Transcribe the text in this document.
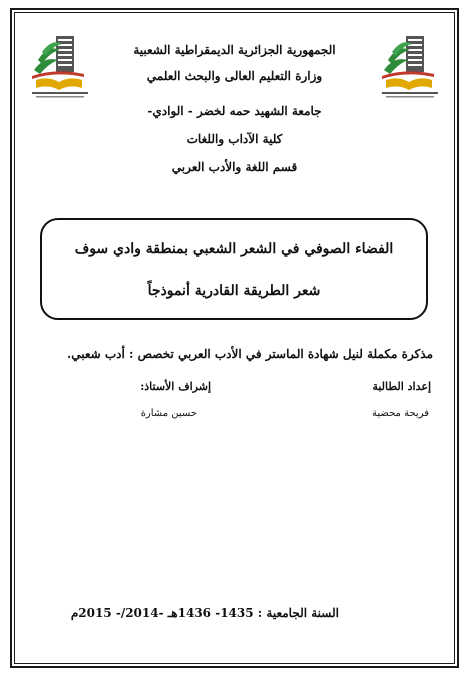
الجمهورية الجزائرية الديمقراطية الشعبية
وزارة التعليم العالى والبحث العلمي
جامعة الشهيد حمه لخضر - الوادي-
كلية الآداب واللغات
قسم اللغة والأدب العربي
الفضاء الصوفي في الشعر الشعبي بمنطقة وادي سوف
شعر الطريقة القادرية أنموذجاً
مذكرة مكملة لنيل شهادة الماستر في الأدب العربي تخصص : أدب شعبي.
إعداد الطالبة
إشراف الأستاذ:
فريحة محضية
حسين مشارة
السنة الجامعية : 1435- 1436هـ -2014/- 2015م
